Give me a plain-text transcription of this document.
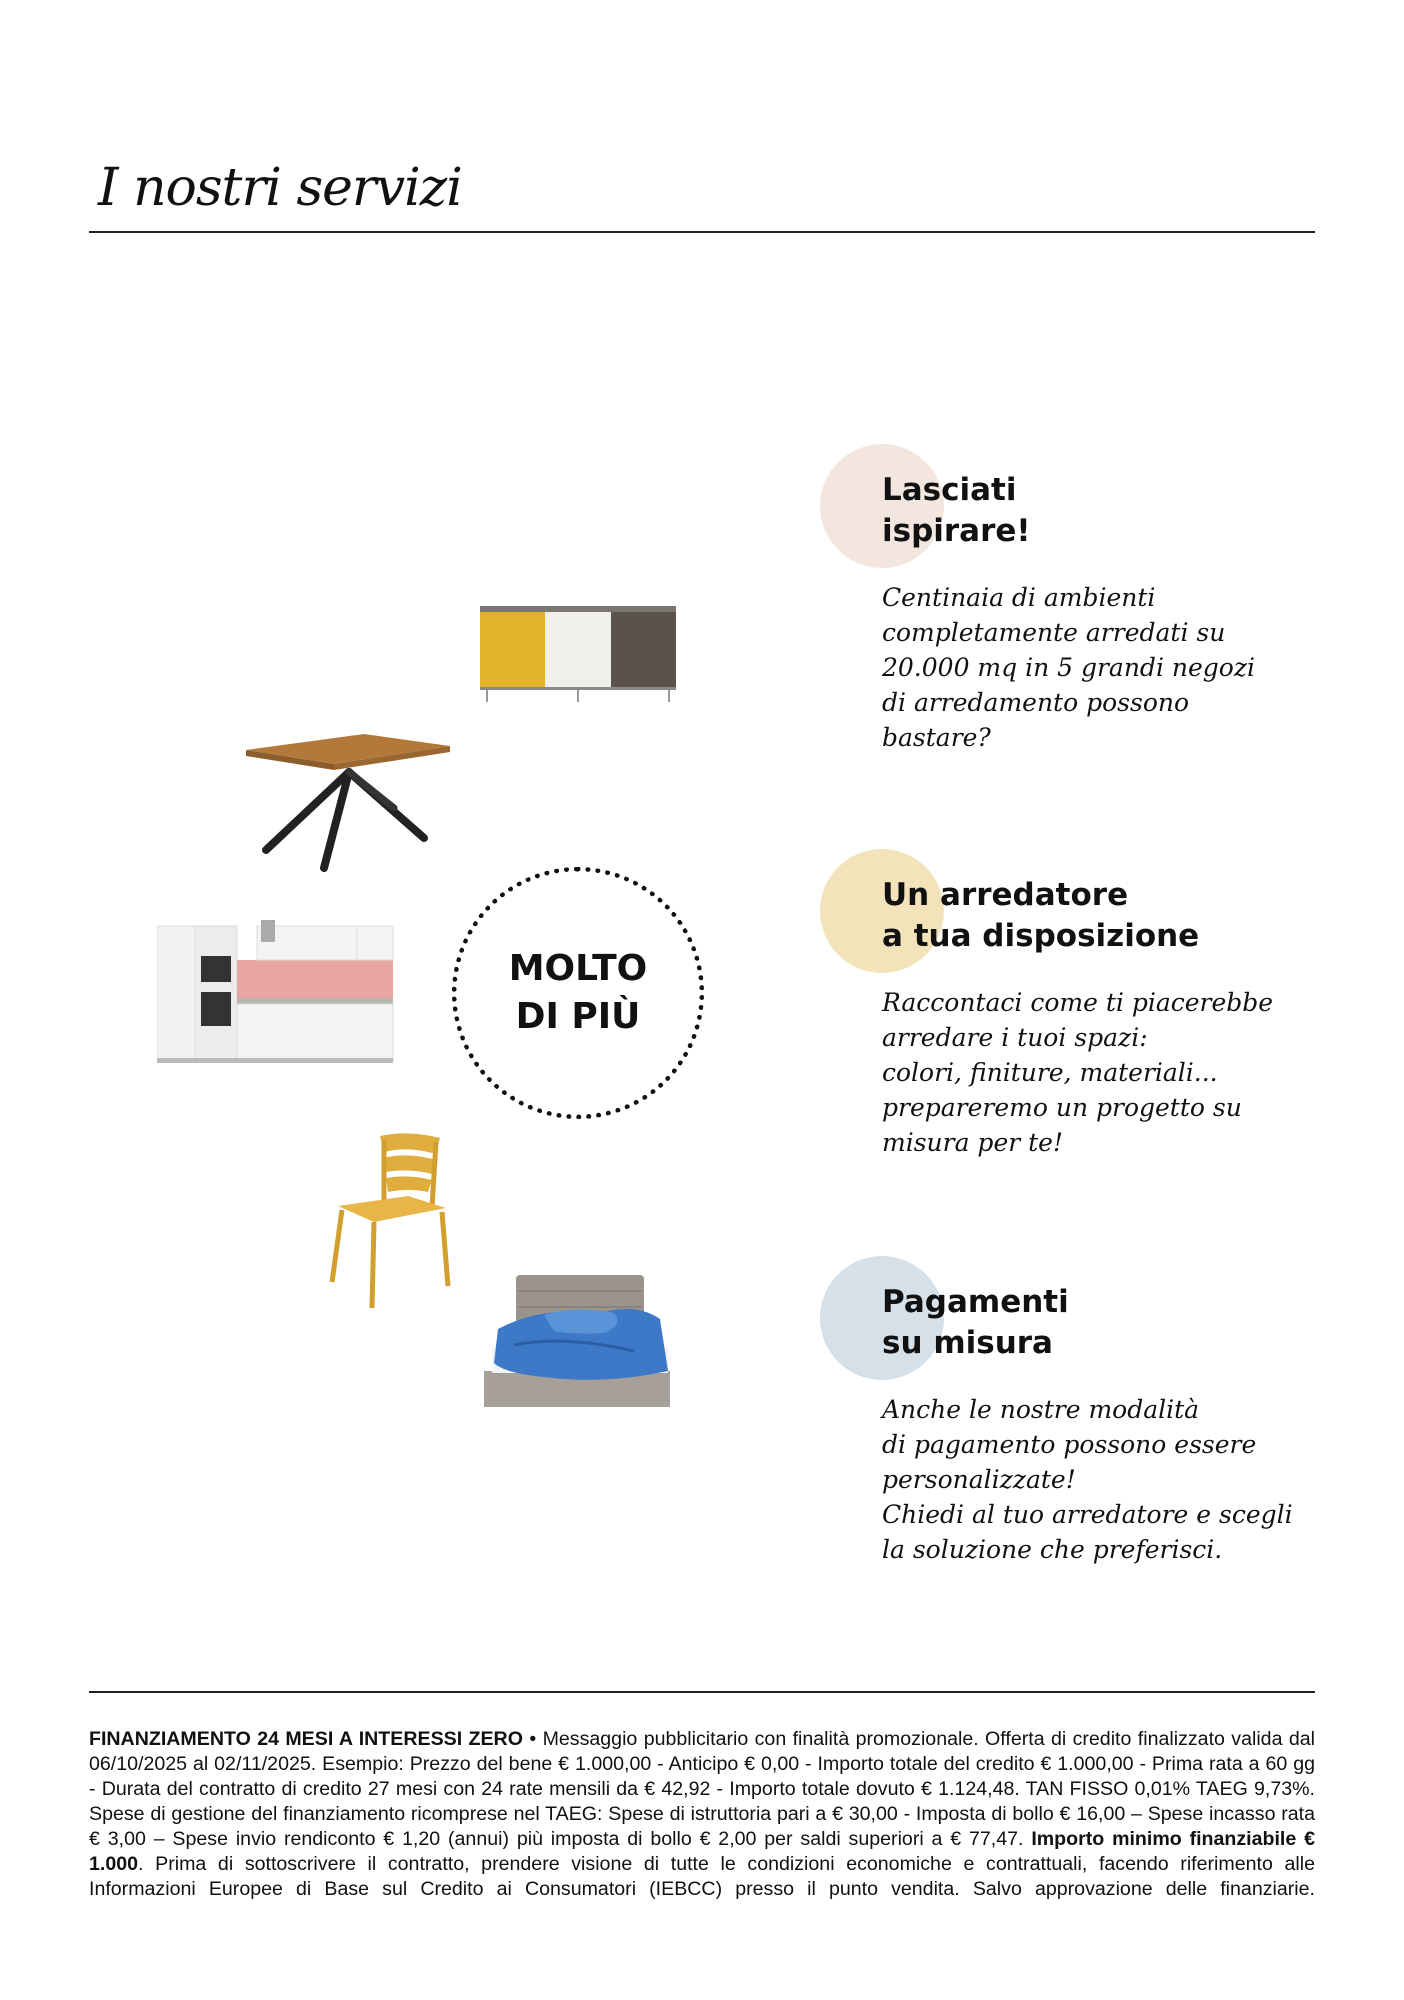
I nostri servizi
MOLTO
DI PIÙ
Lasciati
ispirare!

Centinaia di ambienti
completamente arredati su
20.000 mq in 5 grandi negozi
di arredamento possono
bastare?

Un arredatore
a tua disposizione

Raccontaci come ti piacerebbe
arredare i tuoi spazi:
colori, finiture, materiali...
prepareremo un progetto su
misura per te!

Pagamenti
su misura

Anche le nostre modalità
di pagamento possono essere
personalizzate!
Chiedi al tuo arredatore e scegli
la soluzione che preferisci.

FINANZIAMENTO 24 MESI A INTERESSI ZERO • Messaggio pubblicitario con finalità promozionale. Offerta di credito finalizzato valida dal 06/10/2025 al 02/11/2025. Esempio: Prezzo del bene € 1.000,00 - Anticipo € 0,00 - Importo totale del credito € 1.000,00 - Prima rata a 60 gg - Durata del contratto di credito 27 mesi con 24 rate mensili da € 42,92 - Importo totale dovuto € 1.124,48. TAN FISSO 0,01% TAEG 9,73%. Spese di gestione del finanziamento ricomprese nel TAEG: Spese di istruttoria pari a € 30,00 - Imposta di bollo € 16,00 – Spese incasso rata € 3,00 – Spese invio rendiconto € 1,20 (annui) più imposta di bollo € 2,00 per saldi superiori a € 77,47. Importo minimo finanziabile € 1.000. Prima di sottoscrivere il contratto, prendere visione di tutte le condizioni economiche e contrattuali, facendo riferimento alle Informazioni Europee di Base sul Credito ai Consumatori (IEBCC) presso il punto vendita. Salvo approvazione delle finanziarie.
